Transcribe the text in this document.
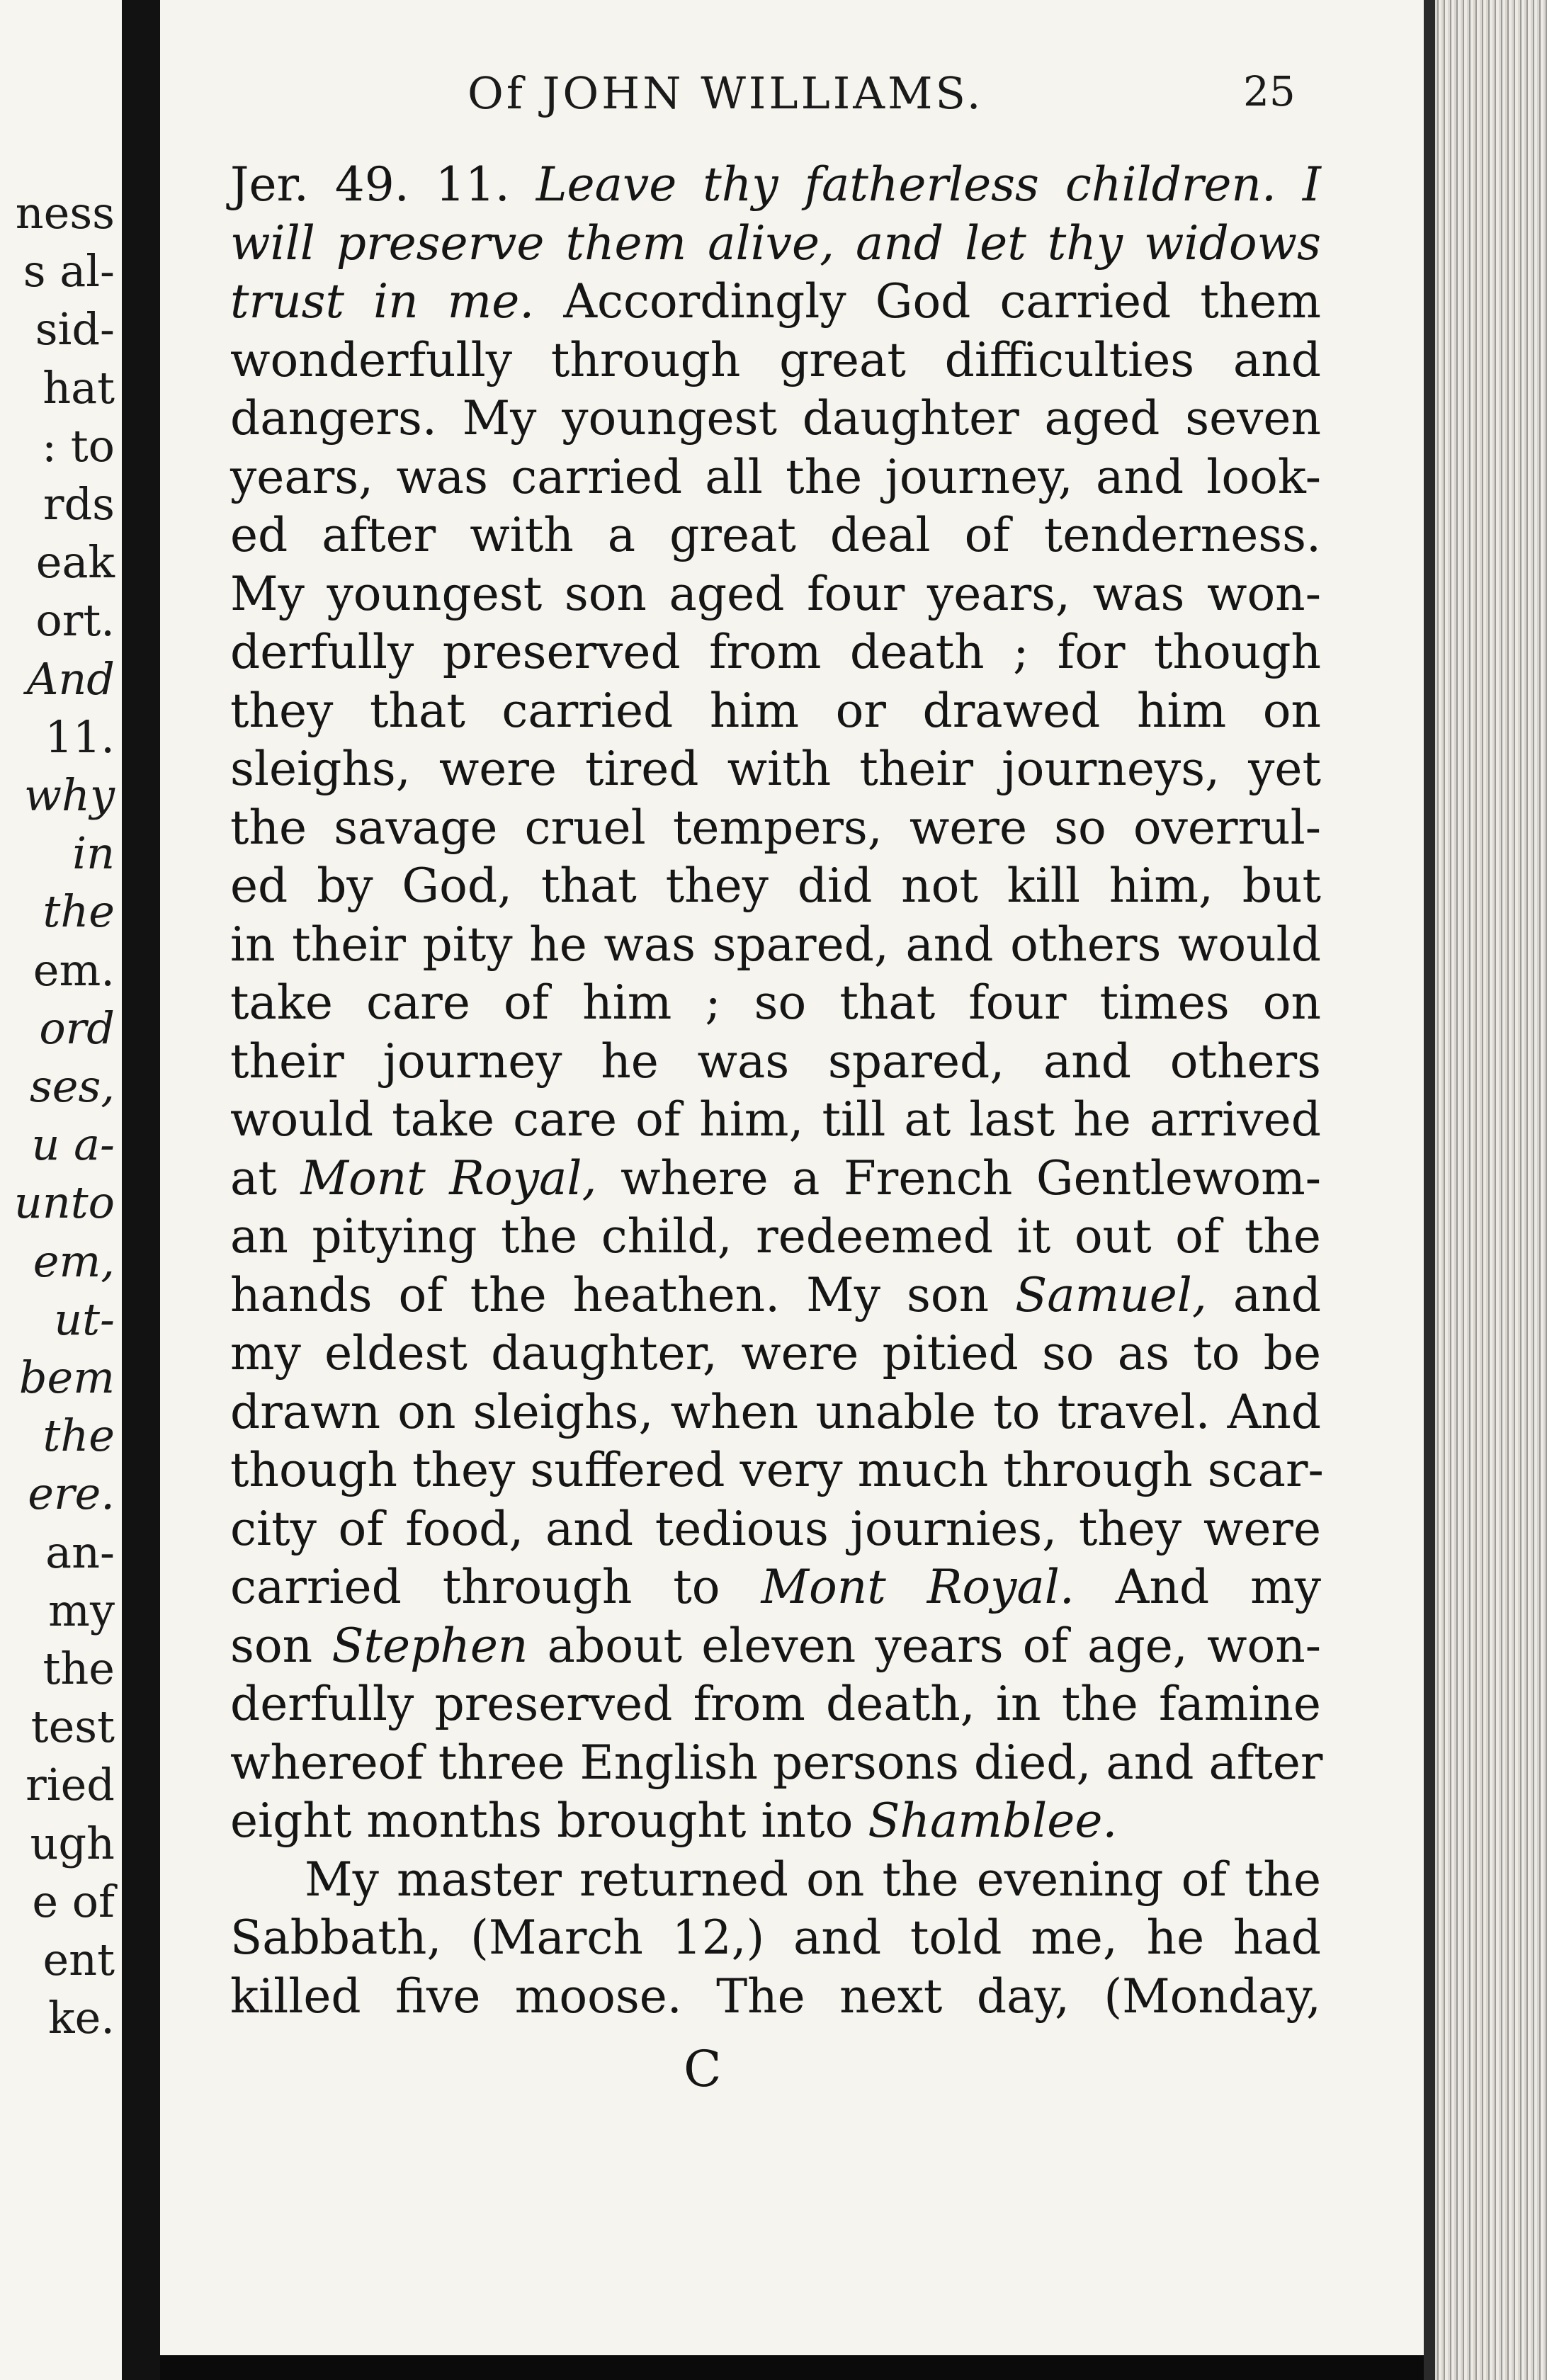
ness
s al-
sid-
hat
: to
rds
eak
ort.
And
11.
why
in
the
em.
ord
ses,
u a-
unto
em,
ut-
bem
the
ere.
an-
my
the
test
ried
ugh
e of
ent
ke.
Of JOHN WILLIAMS.	25
Jer. 49. 11. Leave thy fatherless children. I
will preserve them alive, and let thy widows
trust in me. Accordingly God carried them
wonderfully through great difficulties and
dangers. My youngest daughter aged seven
years, was carried all the journey, and look-
ed after with a great deal of tenderness.
My youngest son aged four years, was won-
derfully preserved from death ; for though
they that carried him or drawed him on
sleighs, were tired with their journeys, yet
the savage cruel tempers, were so overrul-
ed by God, that they did not kill him, but
in their pity he was spared, and others would
take care of him ; so that four times on
their journey he was spared, and others
would take care of him, till at last he arrived
at Mont Royal, where a French Gentlewom-
an pitying the child, redeemed it out of the
hands of the heathen. My son Samuel, and
my eldest daughter, were pitied so as to be
drawn on sleighs, when unable to travel. And
though they suffered very much through scar-
city of food, and tedious journies, they were
carried through to Mont Royal. And my
son Stephen about eleven years of age, won-
derfully preserved from death, in the famine
whereof three English persons died, and after
eight months brought into Shamblee.
My master returned on the evening of the
Sabbath, (March 12,) and told me, he had
killed five moose. The next day, (Monday,
C
